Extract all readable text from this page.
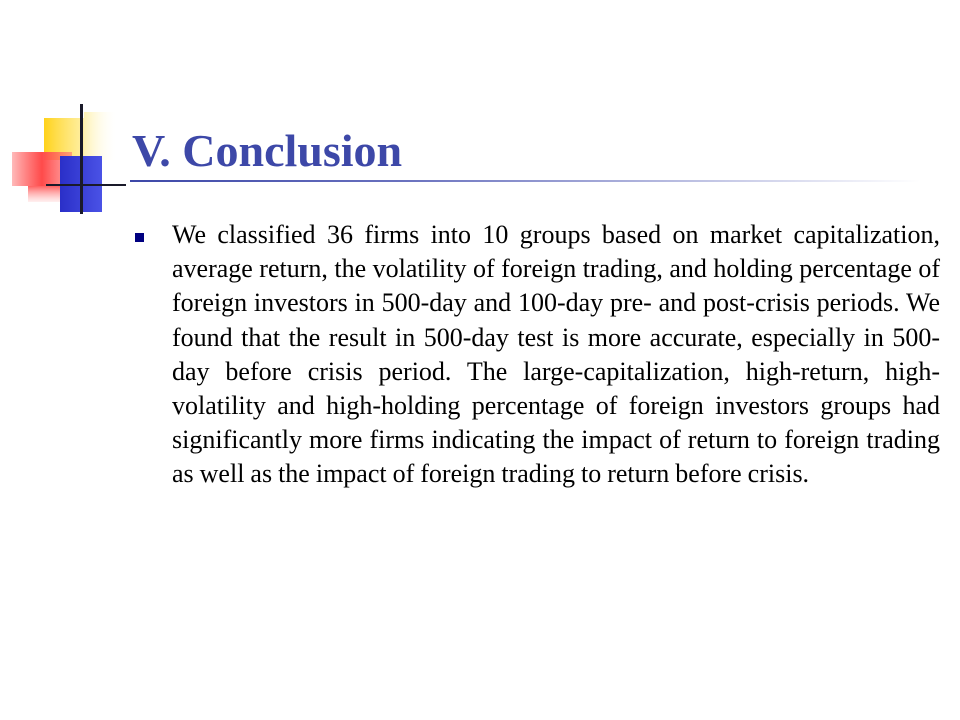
V. Conclusion
We classified 36 firms into 10 groups based on market capitalization, average return, the volatility of foreign trading, and holding percentage of foreign investors in 500-day and 100-day pre- and post-crisis periods. We found that the result in 500-day test is more accurate, especially in 500-day before crisis period. The large-capitalization, high-return, high-volatility and high-holding percentage of foreign investors groups had significantly more firms indicating the impact of return to foreign trading as well as the impact of foreign trading to return before crisis.
